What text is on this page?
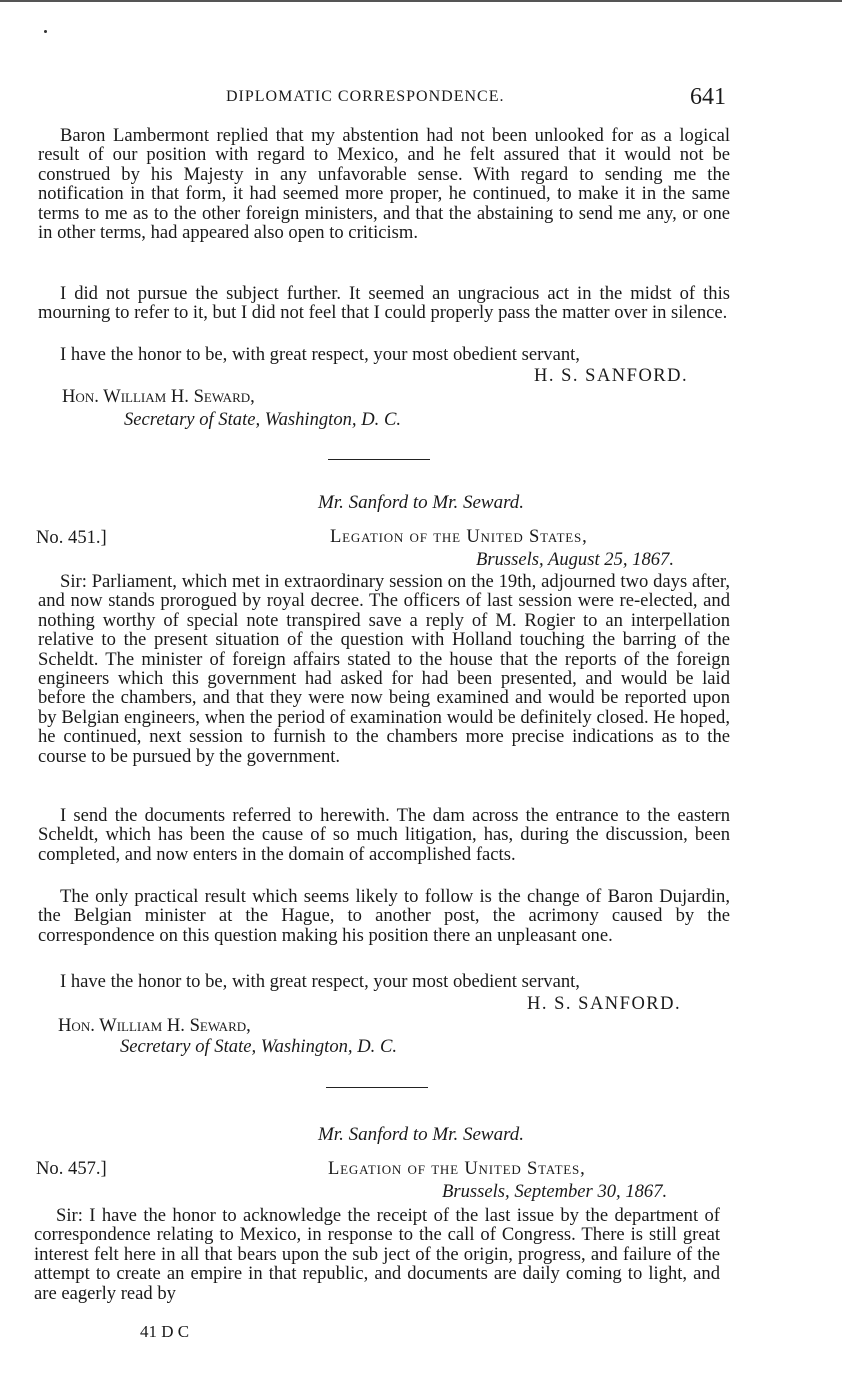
DIPLOMATIC CORRESPONDENCE.	641

Baron Lambermont replied that my abstention had not been unlooked for as a logical result of our position with regard to Mexico, and he felt assured that it would not be construed by his Majesty in any unfavorable sense. With regard to sending me the notification in that form, it had seemed more proper, he continued, to make it in the same terms to me as to the other foreign ministers, and that the abstaining to send me any, or one in other terms, had appeared also open to criticism.

I did not pursue the subject further. It seemed an ungracious act in the midst of this mourning to refer to it, but I did not feel that I could properly pass the matter over in silence.

I have the honor to be, with great respect, your most obedient servant,

H. S. SANFORD.
Hon. William H. Seward,
Secretary of State, Washington, D. C.
Mr. Sanford to Mr. Seward.
No. 451.]	Legation of the United States,
Brussels, August 25, 1867.

Sir: Parliament, which met in extraordinary session on the 19th, adjourned two days after, and now stands prorogued by royal decree. The officers of last session were re-elected, and nothing worthy of special note transpired save a reply of M. Rogier to an interpellation relative to the present situation of the question with Holland touching the barring of the Scheldt. The minister of foreign affairs stated to the house that the reports of the foreign engineers which this government had asked for had been presented, and would be laid before the chambers, and that they were now being examined and would be reported upon by Belgian engineers, when the period of examination would be definitely closed. He hoped, he continued, next session to furnish to the chambers more precise indications as to the course to be pursued by the government.

I send the documents referred to herewith. The dam across the entrance to the eastern Scheldt, which has been the cause of so much litigation, has, during the discussion, been completed, and now enters in the domain of accomplished facts.

The only practical result which seems likely to follow is the change of Baron Dujardin, the Belgian minister at the Hague, to another post, the acrimony caused by the correspondence on this question making his position there an unpleasant one.

I have the honor to be, with great respect, your most obedient servant,

H. S. SANFORD.
Hon. William H. Seward,
Secretary of State, Washington, D. C.
Mr. Sanford to Mr. Seward.
No. 457.]	Legation of the United States,
Brussels, September 30, 1867.

Sir: I have the honor to acknowledge the receipt of the last issue by the department of correspondence relating to Mexico, in response to the call of Congress. There is still great interest felt here in all that bears upon the sub ject of the origin, progress, and failure of the attempt to create an empire in that republic, and documents are daily coming to light, and are eagerly read by

41 D C
